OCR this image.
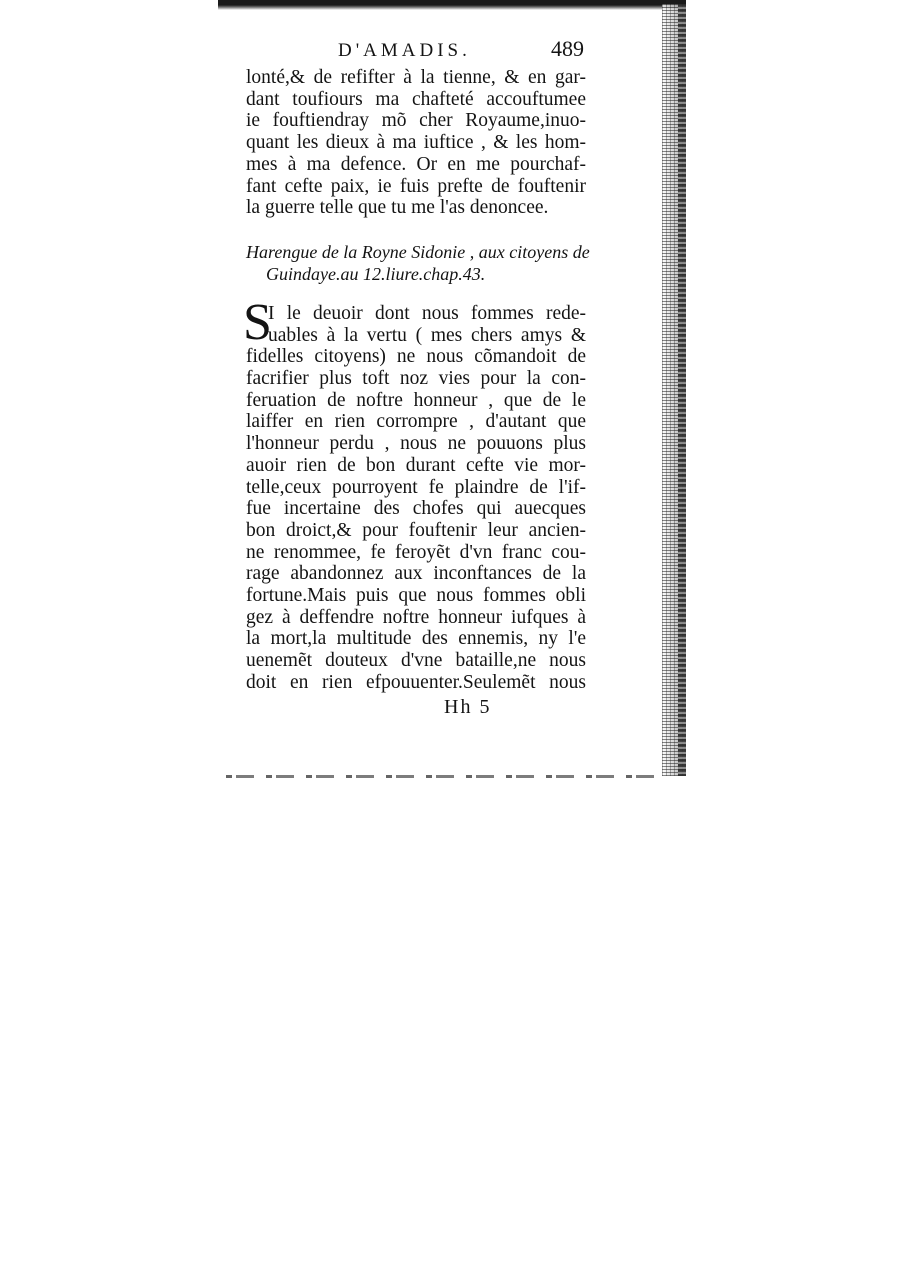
D'AMADIS.	489
lonté,& de refifter à la tienne, & en gar-
dant toufiours ma chafteté accouftumee
ie fouftiendray mõ cher Royaume,inuo-
quant les dieux à ma iuftice , & les hom-
mes à ma defence. Or en me pourchaf-
fant cefte paix, ie fuis prefte de fouftenir
la guerre telle que tu me l'as denoncee.
Harengue de la Royne Sidonie , aux citoyens de
Guindaye.au 12.liure.chap.43.
S
I le deuoir dont nous fommes rede-
uables à la vertu ( mes chers amys &
fidelles citoyens) ne nous cõmandoit de
facrifier plus toft noz vies pour la con-
feruation de noftre honneur , que de le
laiffer en rien corrompre , d'autant que
l'honneur perdu , nous ne pouuons plus
auoir rien de bon durant cefte vie mor-
telle,ceux pourroyent fe plaindre de l'if-
fue incertaine des chofes qui auecques
bon droict,& pour fouftenir leur ancien-
ne renommee, fe feroyẽt d'vn franc cou-
rage abandonnez aux inconftances de la
fortune.Mais puis que nous fommes obli
gez à deffendre noftre honneur iufques à
la mort,la multitude des ennemis, ny l'e
uenemẽt douteux d'vne bataille,ne nous
doit en rien efpouuenter.Seulemẽt nous
Hh 5
